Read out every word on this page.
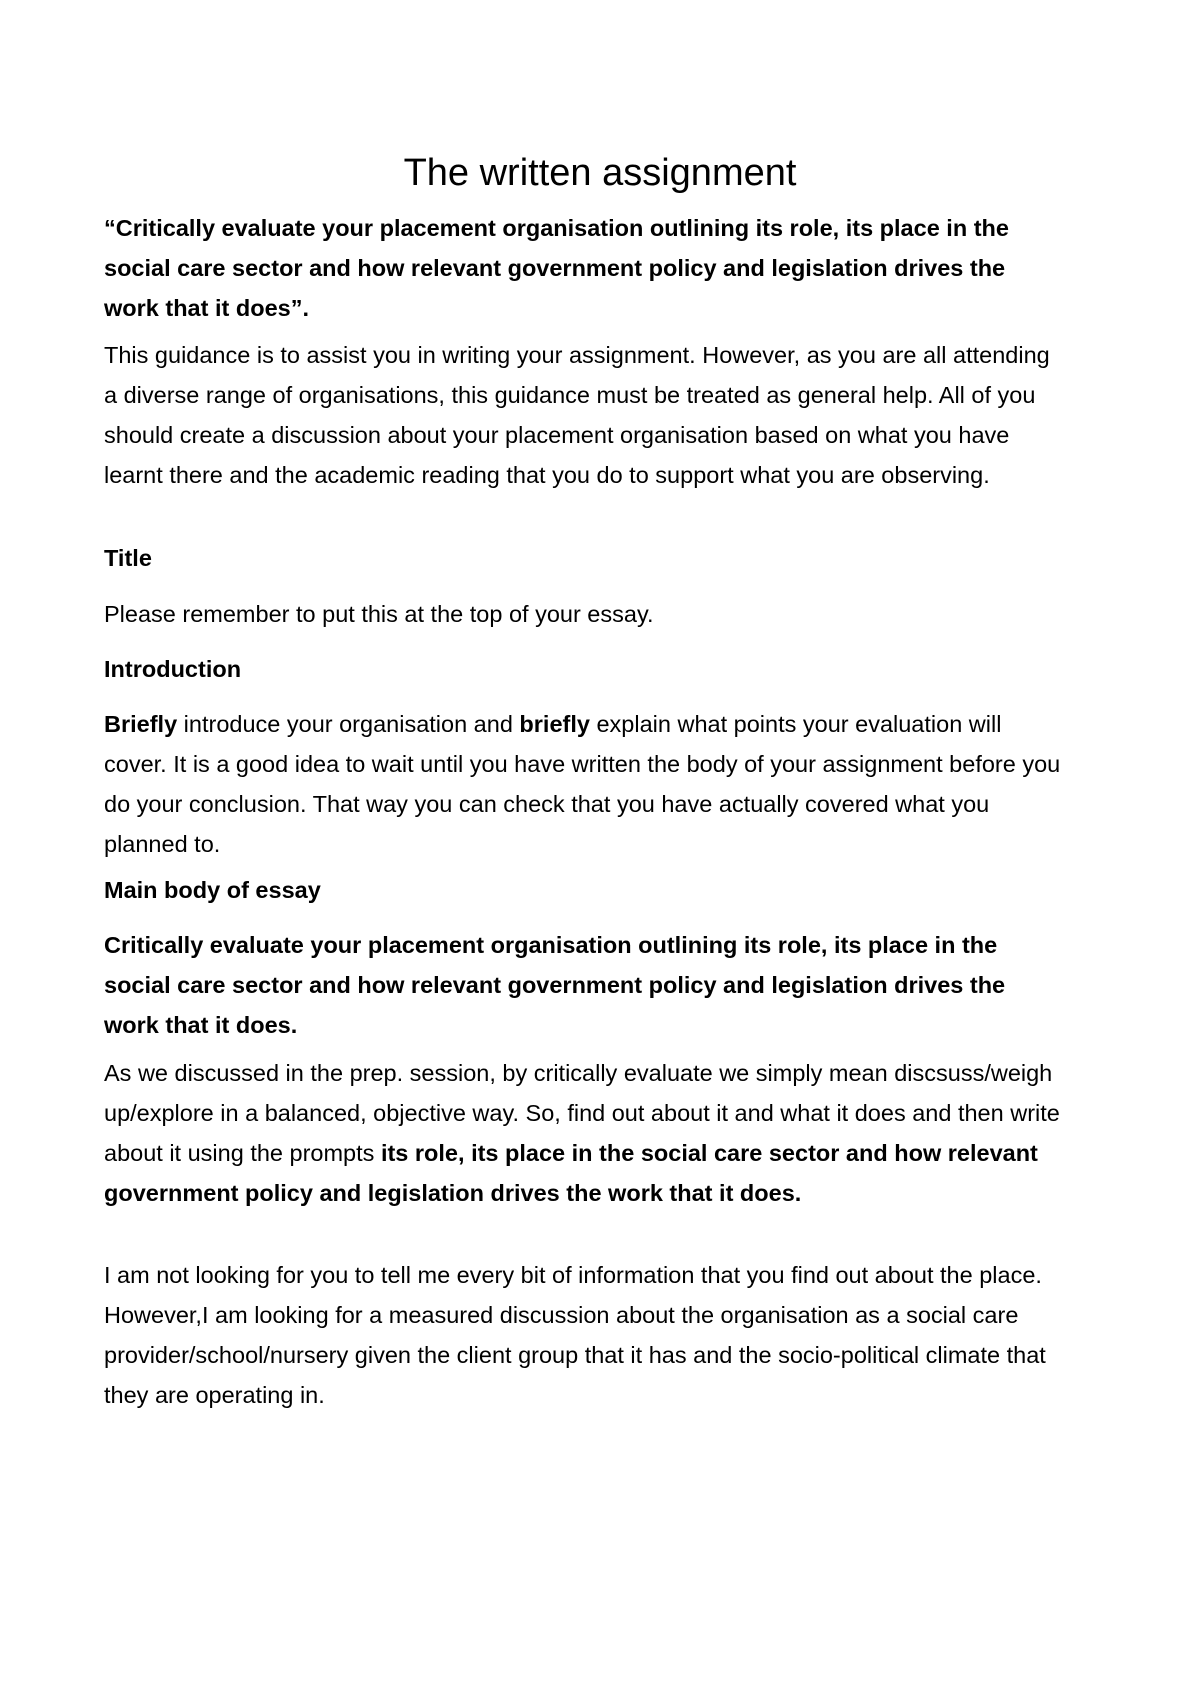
The written assignment

“Critically evaluate your placement organisation outlining its role, its place in the social care sector and how relevant government policy and legislation drives the work that it does”.

This guidance is to assist you in writing your assignment. However, as you are all attending a diverse range of organisations, this guidance must be treated as general help. All of you should create a discussion about your placement organisation based on what you have learnt there and the academic reading that you do to support what you are observing.

Title

Please remember to put this at the top of your essay.

Introduction

Briefly introduce your organisation and briefly explain what points your evaluation will cover. It is a good idea to wait until you have written the body of your assignment before you do your conclusion. That way you can check that you have actually covered what you planned to.

Main body of essay

Critically evaluate your placement organisation outlining its role, its place in the social care sector and how relevant government policy and legislation drives the work that it does.

As we discussed in the prep. session, by critically evaluate we simply mean discsuss/weigh up/explore in a balanced, objective way. So, find out about it and what it does and then write about it using the prompts its role, its place in the social care sector and how relevant government policy and legislation drives the work that it does.

I am not looking for you to tell me every bit of information that you find out about the place. However,I am looking for a measured discussion about the organisation as a social care provider/school/nursery given the client group that it has and the socio-political climate that they are operating in.
